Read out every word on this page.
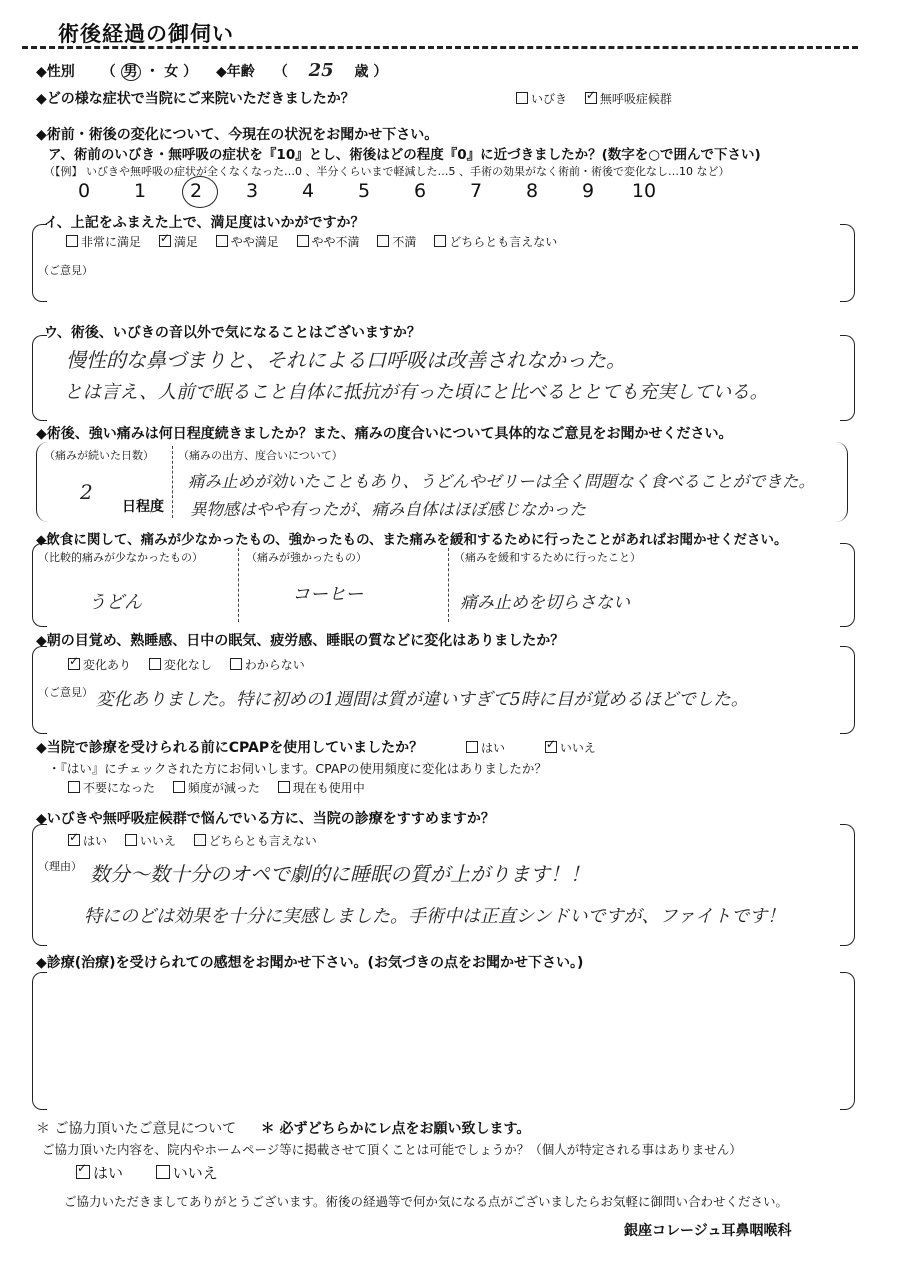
術後経過の御伺い
◆性別 （ 男 ・ 女 ） ◆年齢 （ 25 歳 ）
◆どの様な症状で当院にご来院いただきましたか？	いびき ✓	無呼吸症候群
◆術前・術後の変化について、今現在の状況をお聞かせ下さい。
ア、術前のいびき・無呼吸の症状を『10』とし、術後はどの程度『0』に近づきましたか？(数字を○で囲んで下さい)
（【例】 いびきや無呼吸の症状が全くなくなった…0 、半分くらいまで軽減した…5 、手術の効果がなく術前・術後で変化なし…10 など）
0 1 2 3 4 5 6 7 8 9 10
イ、上記をふまえた上で、満足度はいかがですか？
非常に満足 ✓	満足	やや満足	やや不満	不満	どちらとも言えない
（ご意見）
ウ、術後、いびきの音以外で気になることはございますか？
慢性的な鼻づまりと、それによる口呼吸は改善されなかった。
とは言え、人前で眠ること自体に抵抗が有った頃にと比べるととても充実している。
◆術後、強い痛みは何日程度続きましたか？また、痛みの度合いについて具体的なご意見をお聞かせください。
（痛みが続いた日数）
2
日程度
（痛みの出方、度合いについて）
痛み止めが効いたこともあり、うどんやゼリーは全く問題なく食べることができた。
異物感はやや有ったが、痛み自体はほぼ感じなかった
◆飲食に関して、痛みが少なかったもの、強かったもの、また痛みを緩和するために行ったことがあればお聞かせください。
（比較的痛みが少なかったもの）
うどん
（痛みが強かったもの）
コーヒー
（痛みを緩和するために行ったこと）
痛み止めを切らさない
◆朝の目覚め、熟睡感、日中の眠気、疲労感、睡眠の質などに変化はありましたか？
✓変化あり	変化なし	わからない
（ご意見） 変化ありました。特に初めの1週間は質が違いすぎて5時に目が覚めるほどでした。
◆当院で診療を受けられる前にCPAPを使用していましたか？	はい ✓	いいえ
・『はい』にチェックされた方にお伺いします。CPAPの使用頻度に変化はありましたか？
不要になった	頻度が減った	現在も使用中
◆いびきや無呼吸症候群で悩んでいる方に、当院の診療をすすめますか？
✓はい	いいえ	どちらとも言えない
（理由） 数分～数十分のオペで劇的に睡眠の質が上がります！！
特にのどは効果を十分に実感しました。手術中は正直シンドいですが、ファイトです！
◆診療(治療)を受けられての感想をお聞かせ下さい。(お気づきの点をお聞かせ下さい。)
＊ ご協力頂いたご意見について ＊ 必ずどちらかにレ点をお願い致します。
ご協力頂いた内容を、院内やホームページ等に掲載させて頂くことは可能でしょうか？（個人が特定される事はありません）
✓はい	いいえ
ご協力いただきましてありがとうございます。術後の経過等で何か気になる点がございましたらお気軽に御問い合わせください。
銀座コレージュ耳鼻咽喉科
